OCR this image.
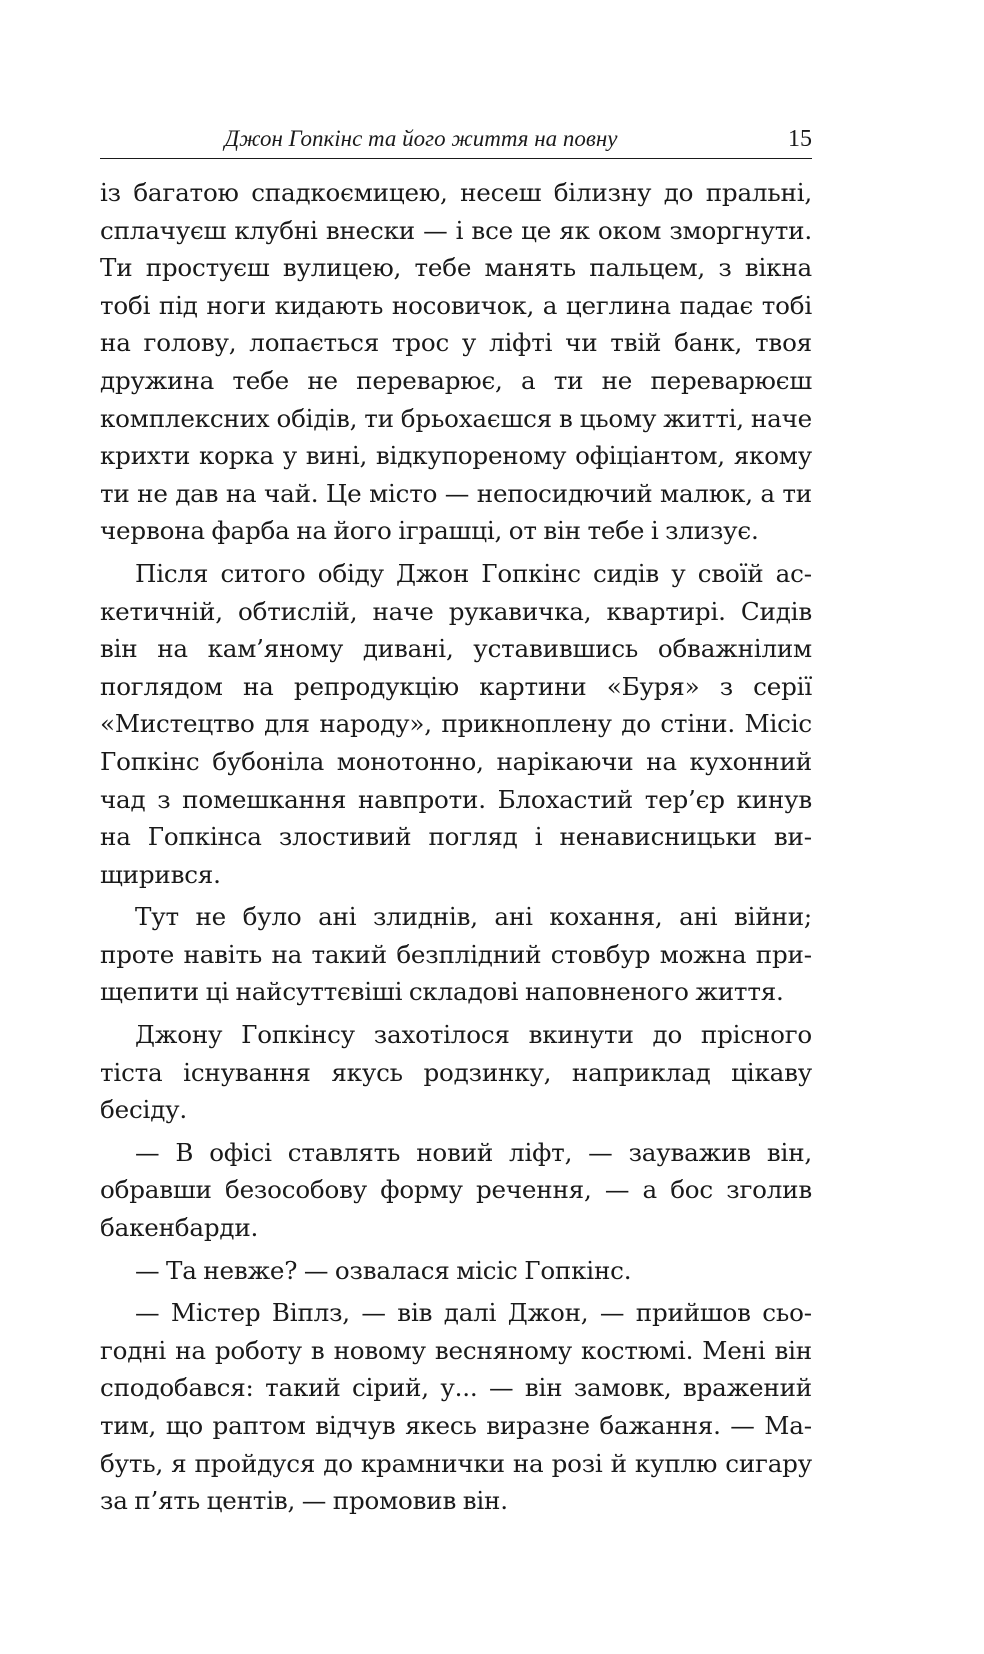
Джон Гопкінс та його життя на повну	15

із багатою спадкоємицею, несеш білизну до пральні, сплачуєш клубні внески — і все це як оком зморгнути. Ти простуєш вулицею, тебе манять пальцем, з вікна тобі під ноги кидають носовичок, а цеглина падає тобі на голову, лопається трос у ліфті чи твій банк, твоя дружина тебе не переварює, а ти не переварюєш комплексних обідів, ти брьохаєшся в цьому житті, наче крихти корка у вині, відкупореному офіціантом, якому ти не дав на чай. Це місто — непосидючий малюк, а ти червона фарба на його іграшці, от він тебе і злизує.

Після ситого обіду Джон Гопкінс сидів у своїй аскетичній, обтислій, наче рукавичка, квартирі. Сидів він на кам’яному дивані, уставившись обважнілим поглядом на репродукцію картини «Буря» з серії «Мистецтво для народу», прикноплену до стіни. Місіс Гопкінс бубоніла монотонно, нарікаючи на кухонний чад з помешкання навпроти. Блохастий тер’єр кинув на Гопкінса злостивий погляд і ненависницьки вищирився.

Тут не було ані злиднів, ані кохання, ані війни; проте навіть на такий безплідний стовбур можна прищепити ці найсуттєвіші складові наповненого життя.

Джону Гопкінсу захотілося вкинути до прісного тіста існування якусь родзинку, наприклад цікаву бесіду.

— В офісі ставлять новий ліфт, — зауважив він, обравши безособову форму речення, — а бос зголив бакенбарди.

— Та невже? — озвалася місіс Гопкінс.

— Містер Віплз, — вів далі Джон, — прийшов сьогодні на роботу в новому весняному костюмі. Мені він сподобався: такий сірий, у... — він замовк, вражений тим, що раптом відчув якесь виразне бажання. — Мабуть, я пройдуся до крамнички на розі й куплю сигару за п’ять центів, — промовив він.
